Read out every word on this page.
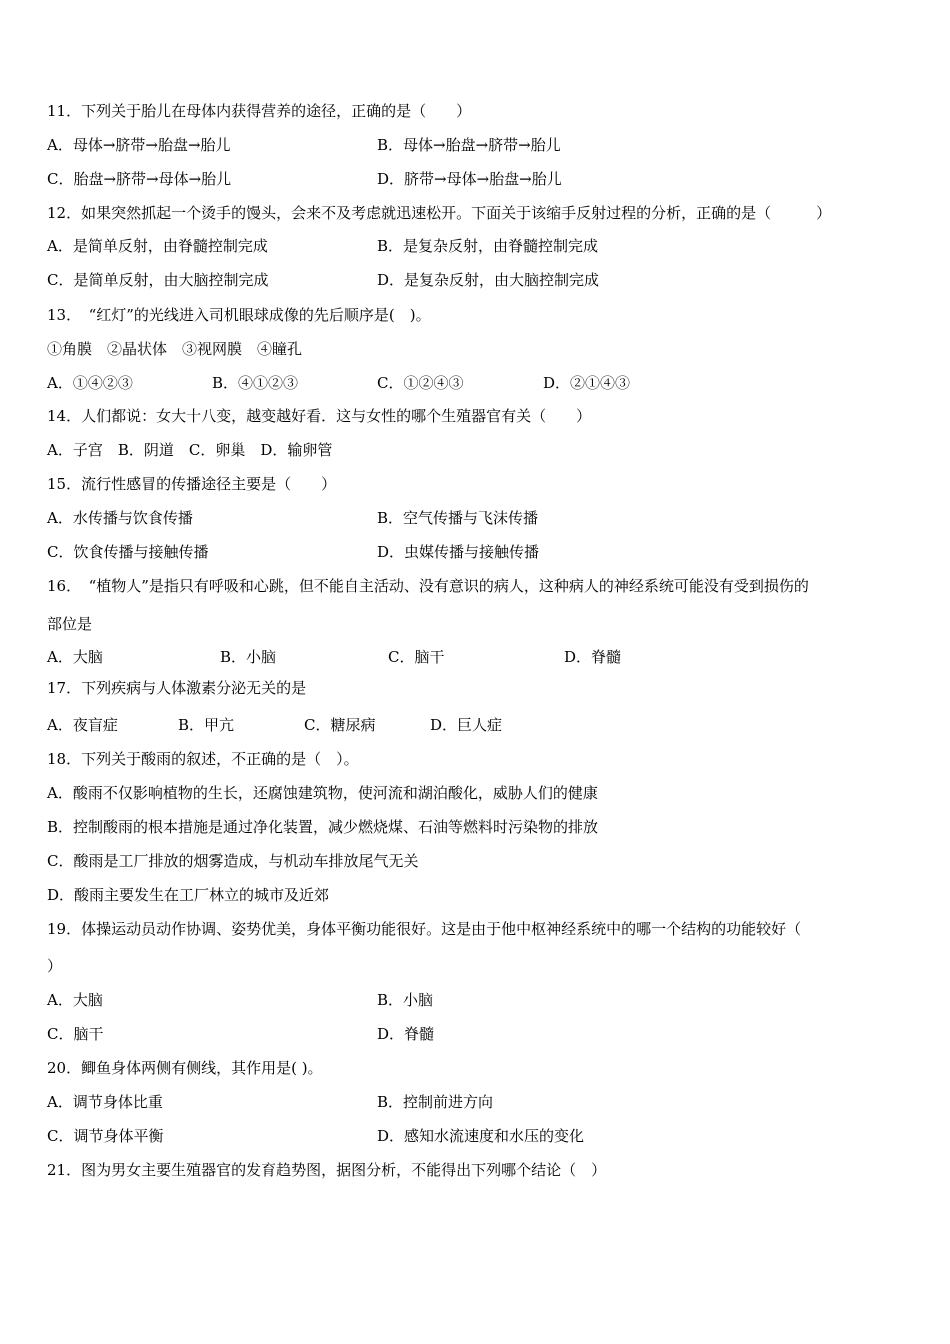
11．下列关于胎儿在母体内获得营养的途径，正确的是（　　）
A．母体→脐带→胎盘→胎儿	B．母体→胎盘→脐带→胎儿
C．胎盘→脐带→母体→胎儿	D．脐带→母体→胎盘→胎儿
12．如果突然抓起一个烫手的馒头，会来不及考虑就迅速松开。下面关于该缩手反射过程的分析，正确的是（　　　）
A．是简单反射，由脊髓控制完成	B．是复杂反射，由脊髓控制完成
C．是简单反射，由大脑控制完成	D．是复杂反射，由大脑控制完成
13．　“红灯”的光线进入司机眼球成像的先后顺序是(　)。
①角膜　②晶状体　③视网膜　④瞳孔
A．①④②③	B．④①②③	C．①②④③	D．②①④③
14．人们都说：女大十八变，越变越好看．这与女性的哪个生殖器官有关（　　）
A．子宫　B．阴道　C．卵巢　D．输卵管
15．流行性感冒的传播途径主要是（　　）
A．水传播与饮食传播	B．空气传播与飞沫传播
C．饮食传播与接触传播	D．虫媒传播与接触传播
16．　“植物人”是指只有呼吸和心跳，但不能自主活动、没有意识的病人，这种病人的神经系统可能没有受到损伤的
部位是
A．大脑	B．小脑	C．脑干	D．脊髓
17．下列疾病与人体激素分泌无关的是
A．夜盲症	B．甲亢	C．糖尿病	D．巨人症
18．下列关于酸雨的叙述，不正确的是（　）。
A．酸雨不仅影响植物的生长，还腐蚀建筑物，使河流和湖泊酸化，威胁人们的健康
B．控制酸雨的根本措施是通过净化装置，减少燃烧煤、石油等燃料时污染物的排放
C．酸雨是工厂排放的烟雾造成，与机动车排放尾气无关
D．酸雨主要发生在工厂林立的城市及近郊
19．体操运动员动作协调、姿势优美，身体平衡功能很好。这是由于他中枢神经系统中的哪一个结构的功能较好（
）
A．大脑	B．小脑
C．脑干	D．脊髓
20．鲫鱼身体两侧有侧线，其作用是( )。
A．调节身体比重	B．控制前进方向
C．调节身体平衡	D．感知水流速度和水压的变化
21．图为男女主要生殖器官的发育趋势图，据图分析，不能得出下列哪个结论（　）
